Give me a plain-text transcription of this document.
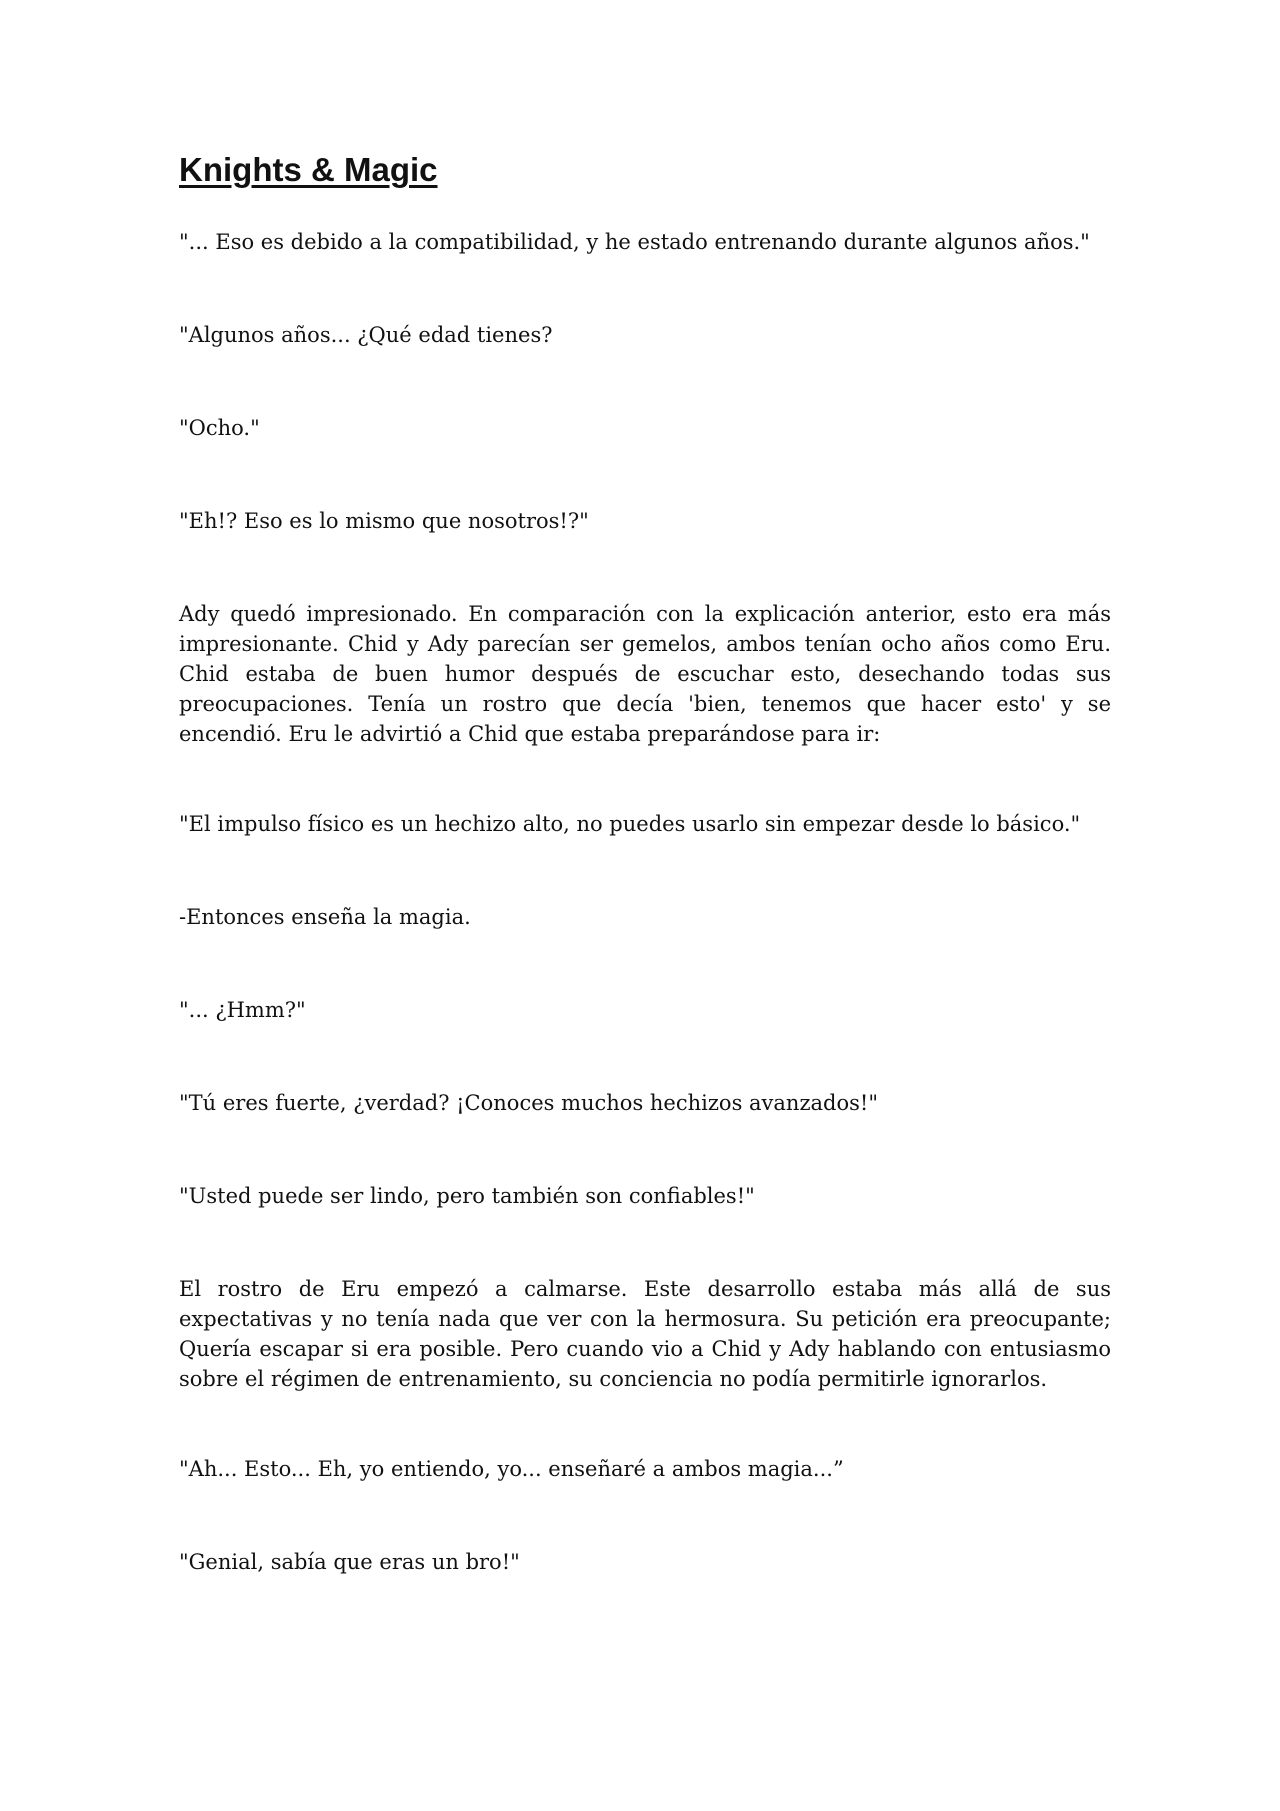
Knights & Magic

"... Eso es debido a la compatibilidad, y he estado entrenando durante algunos años."

"Algunos años... ¿Qué edad tienes?

"Ocho."

"Eh!? Eso es lo mismo que nosotros!?"

Ady quedó impresionado. En comparación con la explicación anterior, esto era más impresionante. Chid y Ady parecían ser gemelos, ambos tenían ocho años como Eru. Chid estaba de buen humor después de escuchar esto, desechando todas sus preocupaciones. Tenía un rostro que decía 'bien, tenemos que hacer esto' y se encendió. Eru le advirtió a Chid que estaba preparándose para ir:

"El impulso físico es un hechizo alto, no puedes usarlo sin empezar desde lo básico."

-Entonces enseña la magia.

"... ¿Hmm?"

"Tú eres fuerte, ¿verdad? ¡Conoces muchos hechizos avanzados!"

"Usted puede ser lindo, pero también son confiables!"

El rostro de Eru empezó a calmarse. Este desarrollo estaba más allá de sus expectativas y no tenía nada que ver con la hermosura. Su petición era preocupante; Quería escapar si era posible. Pero cuando vio a Chid y Ady hablando con entusiasmo sobre el régimen de entrenamiento, su conciencia no podía permitirle ignorarlos.

"Ah... Esto... Eh, yo entiendo, yo... enseñaré a ambos magia...”

"Genial, sabía que eras un bro!"
